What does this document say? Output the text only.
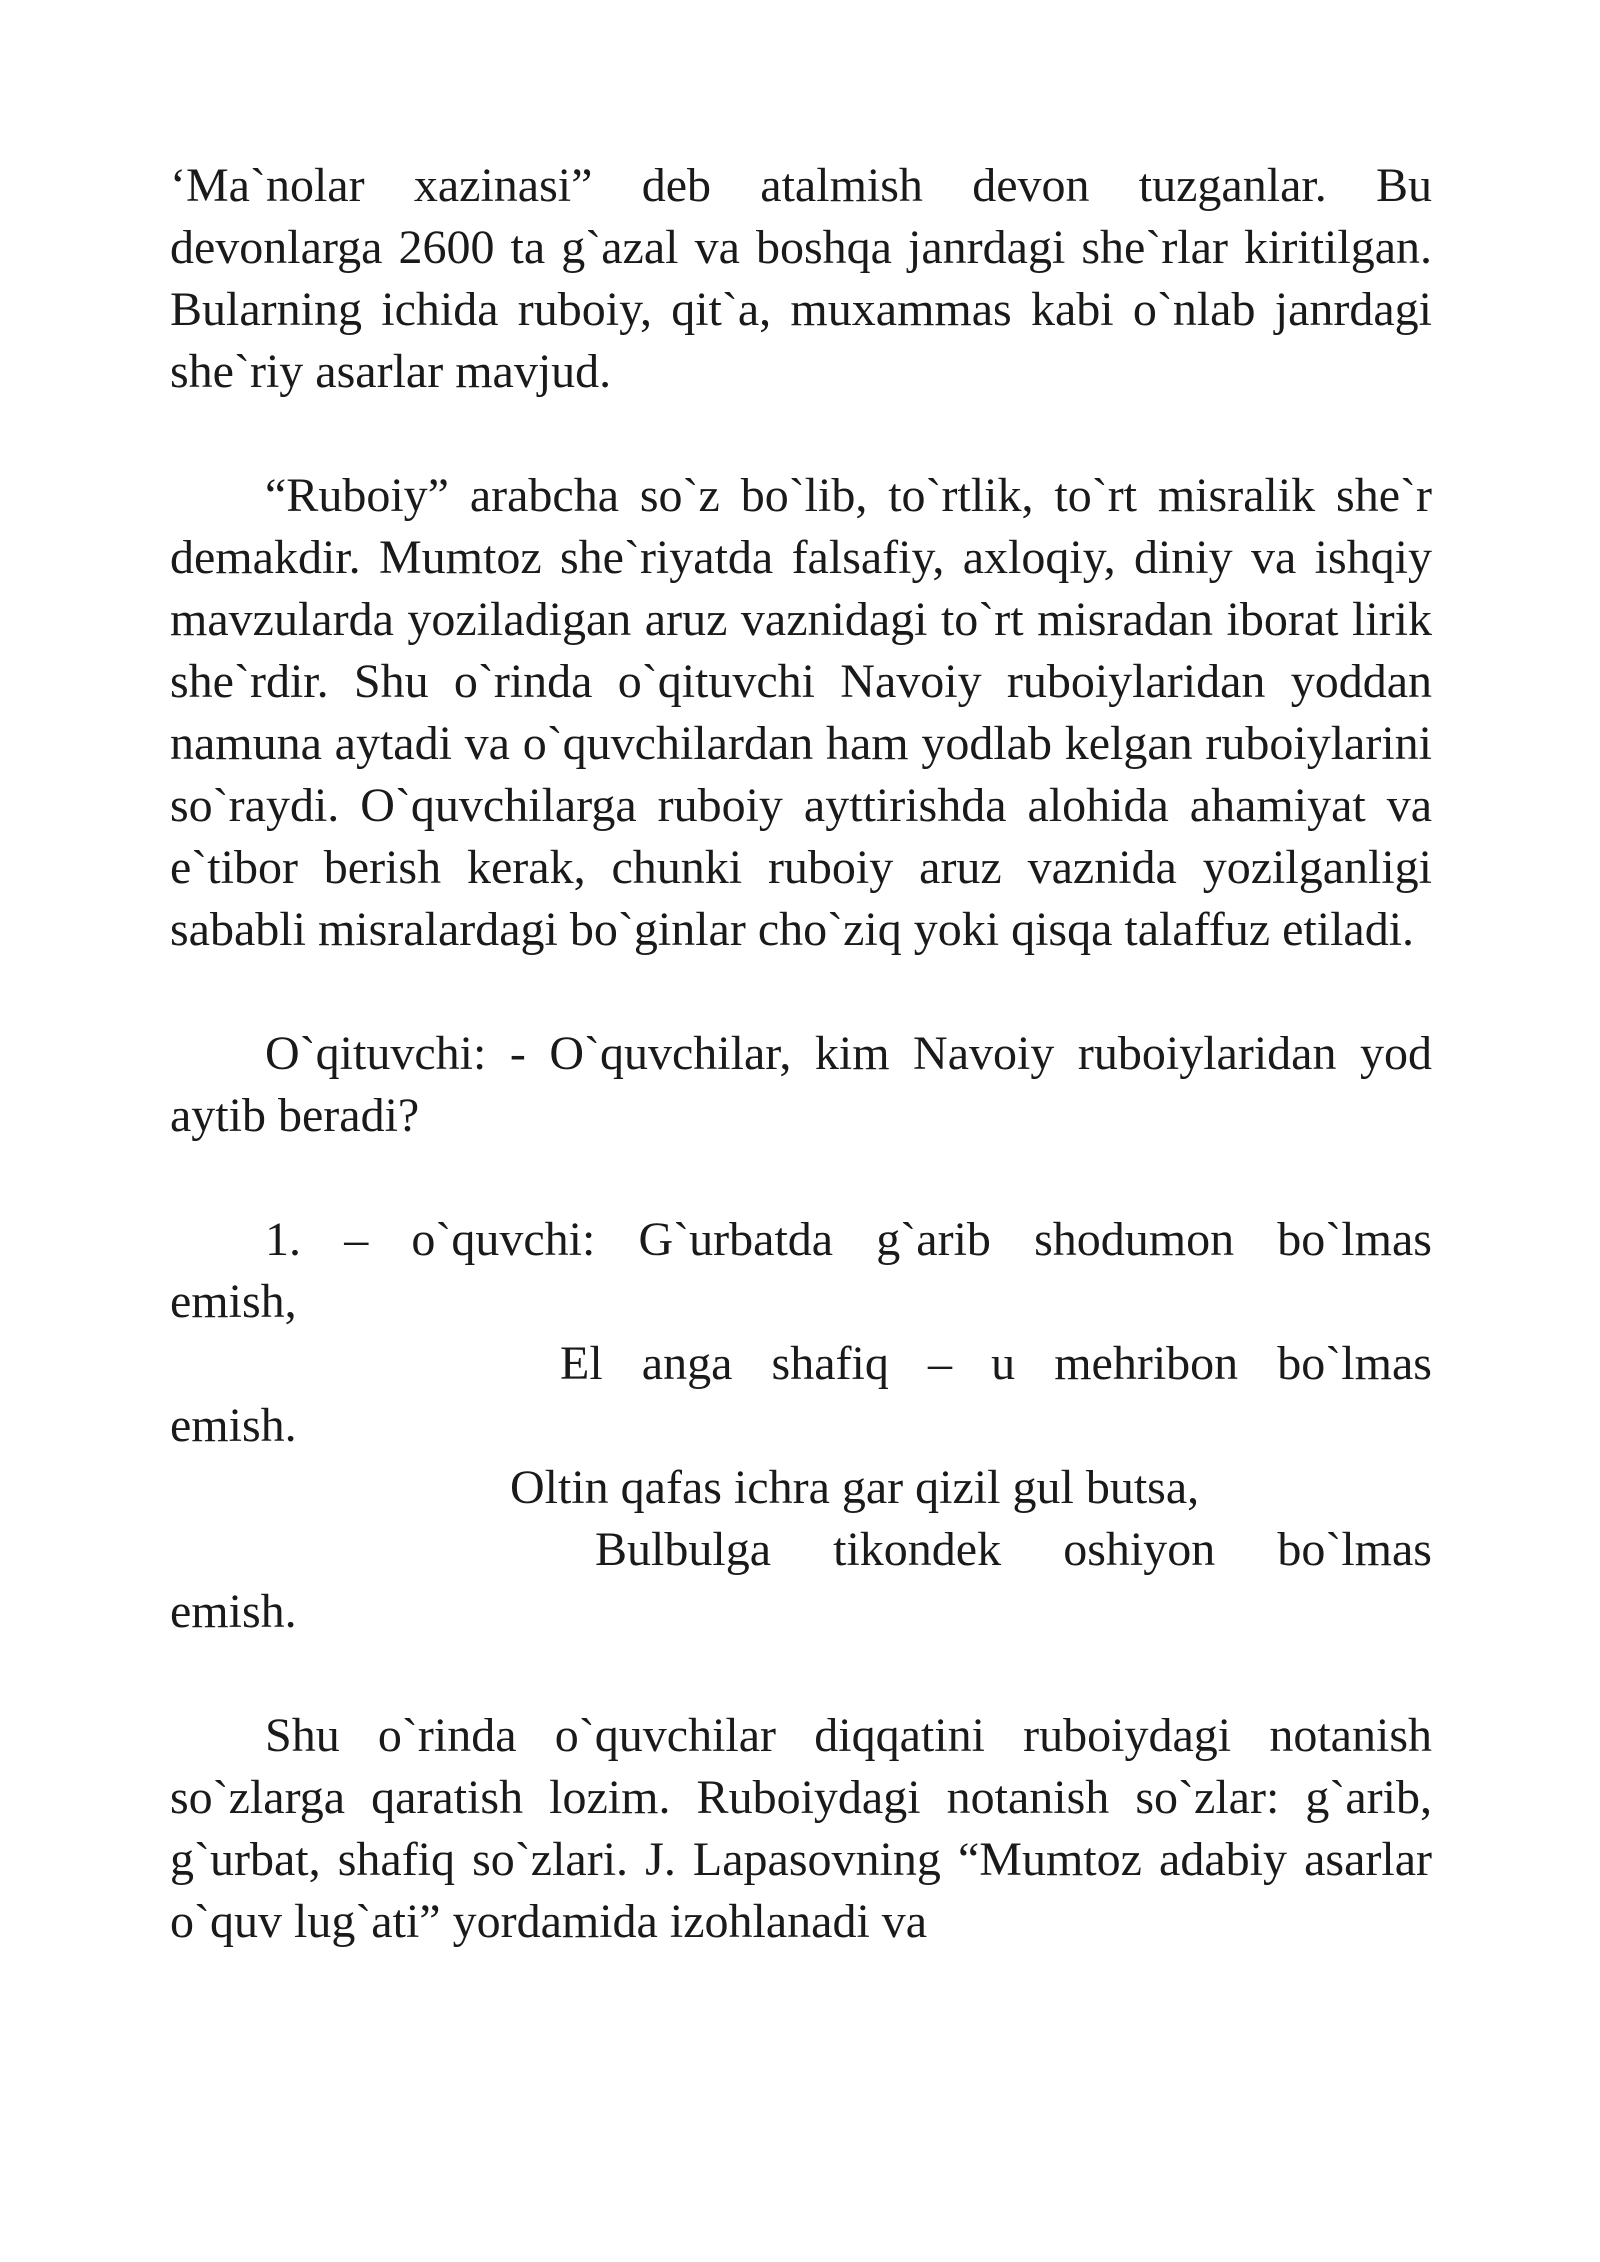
‘Ma`nolar xazinasi” deb atalmish devon tuzganlar. Bu devonlarga 2600 ta g`azal va boshqa janrdagi she`rlar kiritilgan. Bularning ichida ruboiy, qit`a, muxammas kabi o`nlab janrdagi she`riy asarlar mavjud.

“Ruboiy” arabcha so`z bo`lib, to`rtlik, to`rt misralik she`r demakdir. Mumtoz she`riyatda falsafiy, axloqiy, diniy va ishqiy mavzularda yoziladigan aruz vaznidagi to`rt misradan iborat lirik she`rdir. Shu o`rinda o`qituvchi Navoiy ruboiylaridan yoddan namuna aytadi va o`quvchilardan ham yodlab kelgan ruboiylarini so`raydi. O`quvchilarga ruboiy ayttirishda alohida ahamiyat va e`tibor berish kerak, chunki ruboiy aruz vaznida yozilganligi sababli misralardagi bo`ginlar cho`ziq yoki qisqa talaffuz etiladi.

O`qituvchi: - O`quvchilar, kim Navoiy ruboiylaridan yod aytib beradi?

1. – o`quvchi: G`urbatda g`arib shodumon bo`lmas
emish,
El anga shafiq – u mehribon bo`lmas
emish.
Oltin qafas ichra gar qizil gul butsa,
Bulbulga tikondek oshiyon bo`lmas
emish.

Shu o`rinda o`quvchilar diqqatini ruboiydagi notanish so`zlarga qaratish lozim. Ruboiydagi notanish so`zlar: g`arib, g`urbat, shafiq so`zlari. J. Lapasovning “Mumtoz adabiy asarlar o`quv lug`ati” yordamida izohlanadi va
